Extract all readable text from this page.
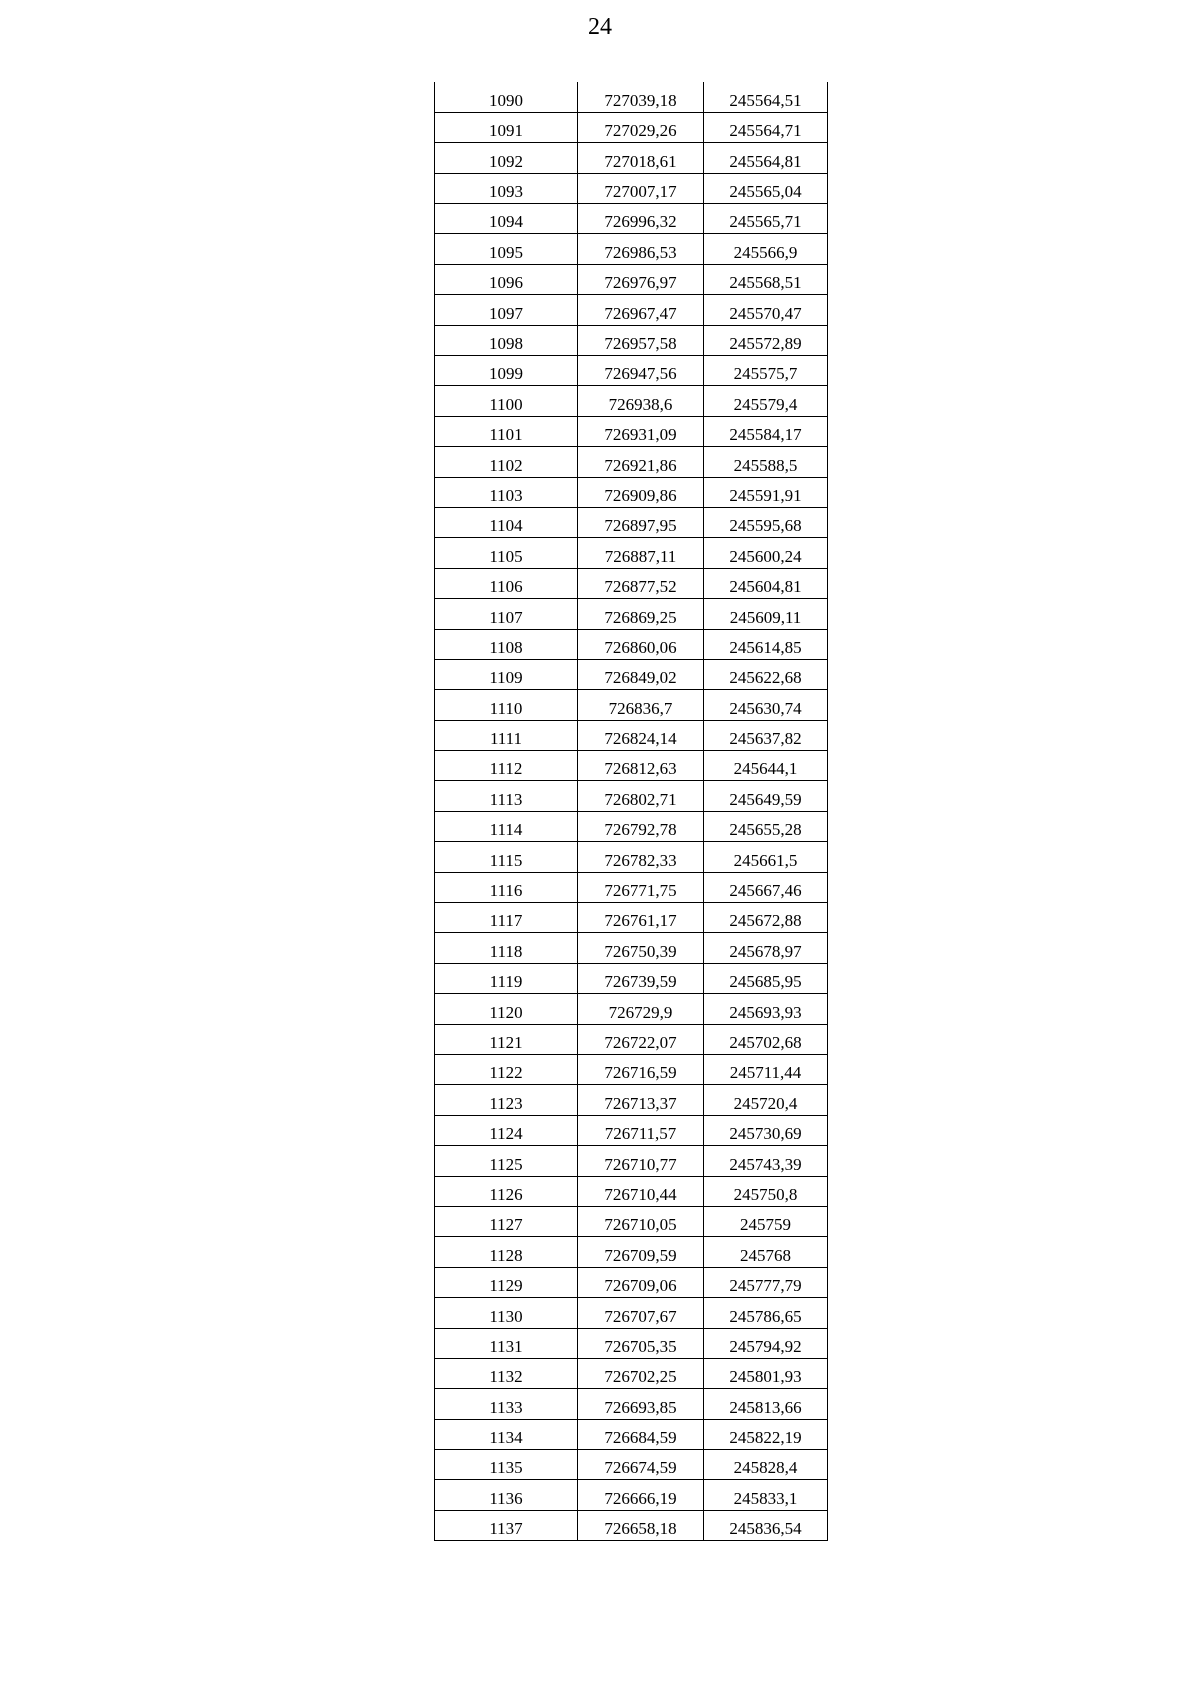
24
1090	727039,18	245564,51
1091	727029,26	245564,71
1092	727018,61	245564,81
1093	727007,17	245565,04
1094	726996,32	245565,71
1095	726986,53	245566,9
1096	726976,97	245568,51
1097	726967,47	245570,47
1098	726957,58	245572,89
1099	726947,56	245575,7
1100	726938,6	245579,4
1101	726931,09	245584,17
1102	726921,86	245588,5
1103	726909,86	245591,91
1104	726897,95	245595,68
1105	726887,11	245600,24
1106	726877,52	245604,81
1107	726869,25	245609,11
1108	726860,06	245614,85
1109	726849,02	245622,68
1110	726836,7	245630,74
1111	726824,14	245637,82
1112	726812,63	245644,1
1113	726802,71	245649,59
1114	726792,78	245655,28
1115	726782,33	245661,5
1116	726771,75	245667,46
1117	726761,17	245672,88
1118	726750,39	245678,97
1119	726739,59	245685,95
1120	726729,9	245693,93
1121	726722,07	245702,68
1122	726716,59	245711,44
1123	726713,37	245720,4
1124	726711,57	245730,69
1125	726710,77	245743,39
1126	726710,44	245750,8
1127	726710,05	245759
1128	726709,59	245768
1129	726709,06	245777,79
1130	726707,67	245786,65
1131	726705,35	245794,92
1132	726702,25	245801,93
1133	726693,85	245813,66
1134	726684,59	245822,19
1135	726674,59	245828,4
1136	726666,19	245833,1
1137	726658,18	245836,54
